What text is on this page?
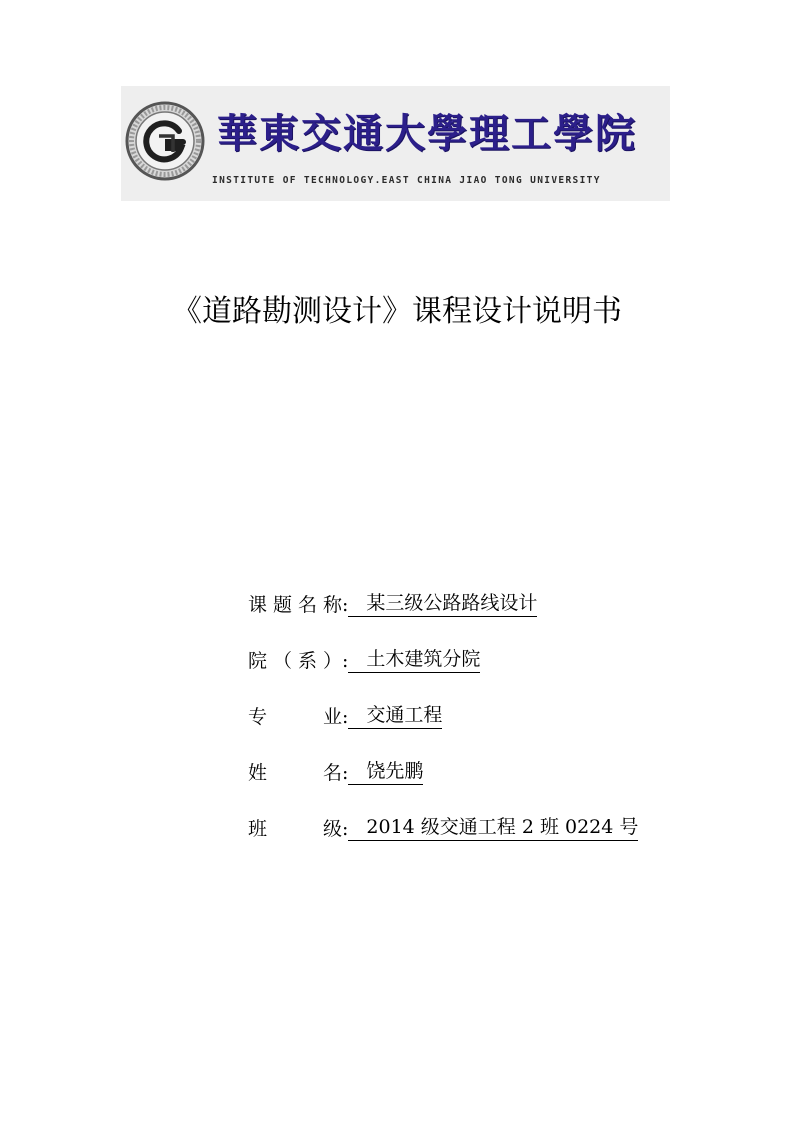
華東交通大學理工學院
INSTITUTE OF TECHNOLOGY.EAST CHINA JIAO TONG UNIVERSITY
《道路勘测设计》课程设计说明书
课题名称: 某三级公路路线设计
院（系）: 土木建筑分院
专业: 交通工程
姓名: 饶先鹏
班级: 2014 级交通工程 2 班 0224 号
